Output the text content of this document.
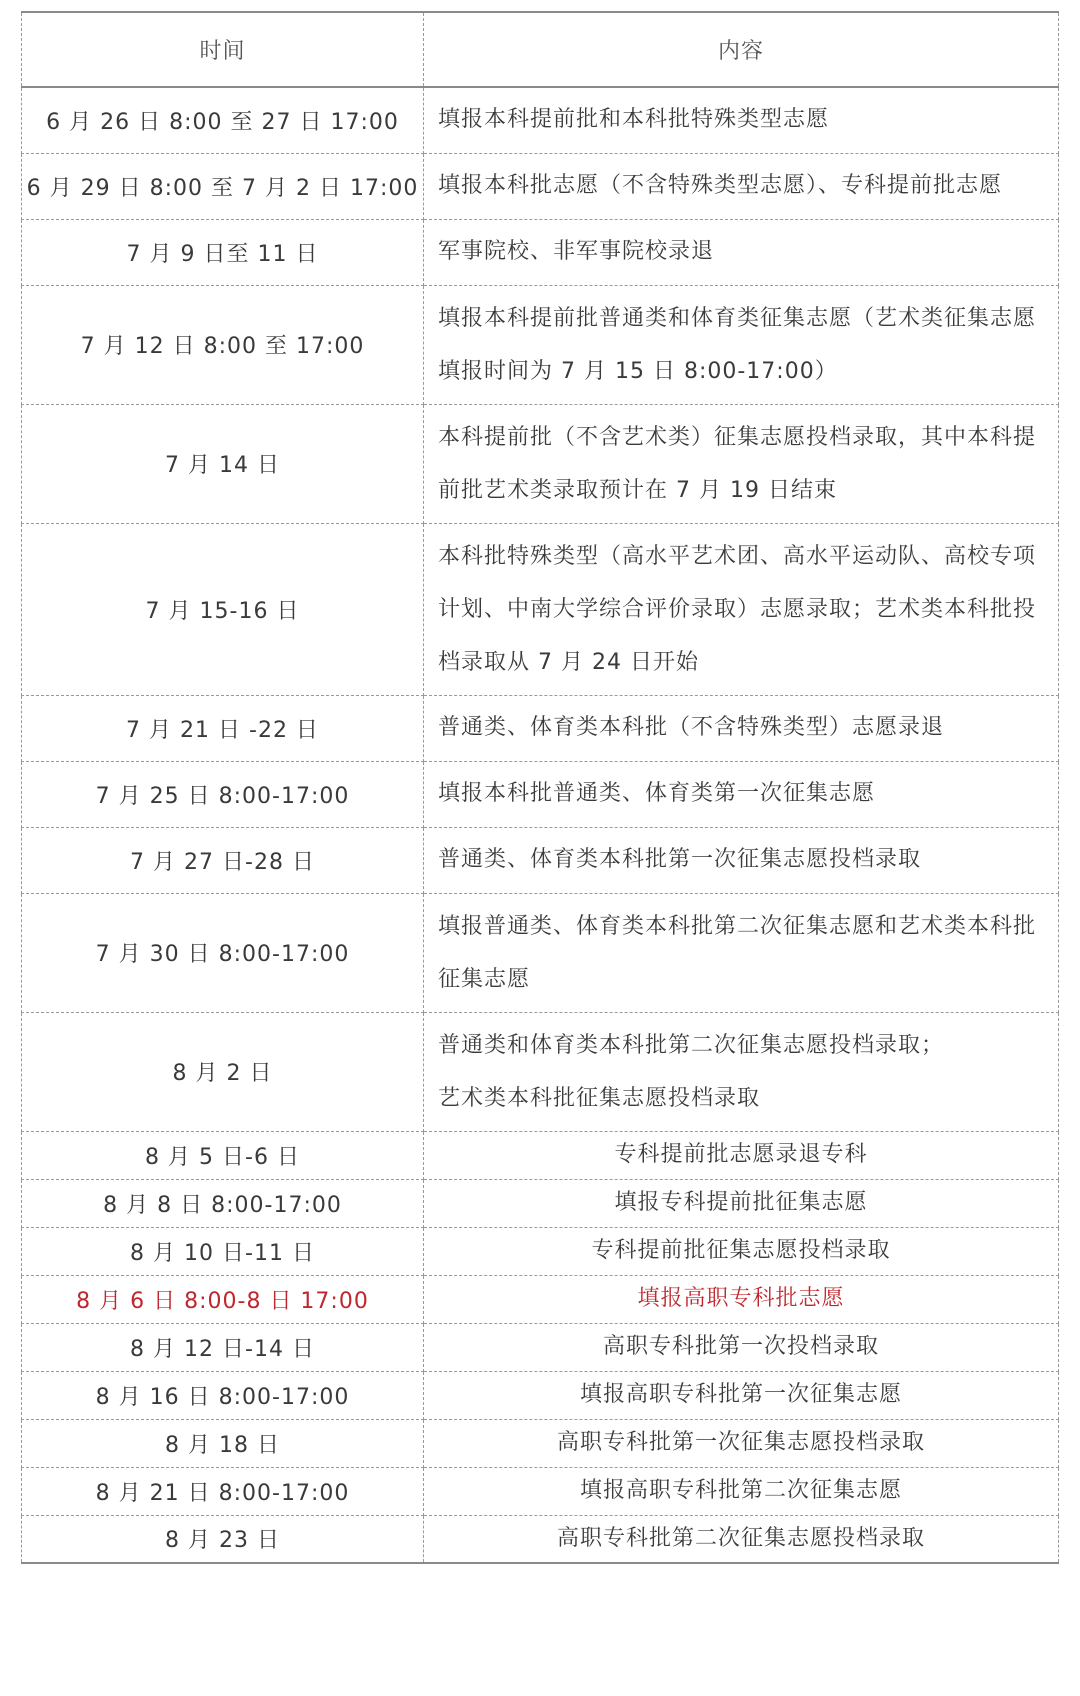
时间	内容
6 月 26 日 8:00 至 27 日 17:00	填报本科提前批和本科批特殊类型志愿
6 月 29 日 8:00 至 7 月 2 日 17:00	填报本科批志愿（不含特殊类型志愿）、专科提前批志愿
7 月 9 日至 11 日	军事院校、非军事院校录退
7 月 12 日 8:00 至 17:00	填报本科提前批普通类和体育类征集志愿（艺术类征集志愿填报时间为 7 月 15 日 8:00-17:00）
7 月 14 日	本科提前批（不含艺术类）征集志愿投档录取，其中本科提前批艺术类录取预计在 7 月 19 日结束
7 月 15-16 日	本科批特殊类型（高水平艺术团、高水平运动队、高校专项计划、中南大学综合评价录取）志愿录取；艺术类本科批投档录取从 7 月 24 日开始
7 月 21 日 -22 日	普通类、体育类本科批（不含特殊类型）志愿录退
7 月 25 日 8:00-17:00	填报本科批普通类、体育类第一次征集志愿
7 月 27 日-28 日	普通类、体育类本科批第一次征集志愿投档录取
7 月 30 日 8:00-17:00	填报普通类、体育类本科批第二次征集志愿和艺术类本科批征集志愿
8 月 2 日	普通类和体育类本科批第二次征集志愿投档录取；
艺术类本科批征集志愿投档录取

8 月 5 日-6 日	专科提前批志愿录退专科
8 月 8 日 8:00-17:00	填报专科提前批征集志愿
8 月 10 日-11 日	专科提前批征集志愿投档录取
8 月 6 日 8:00-8 日 17:00	填报高职专科批志愿
8 月 12 日-14 日	高职专科批第一次投档录取
8 月 16 日 8:00-17:00	填报高职专科批第一次征集志愿
8 月 18 日	高职专科批第一次征集志愿投档录取
8 月 21 日 8:00-17:00	填报高职专科批第二次征集志愿
8 月 23 日	高职专科批第二次征集志愿投档录取
